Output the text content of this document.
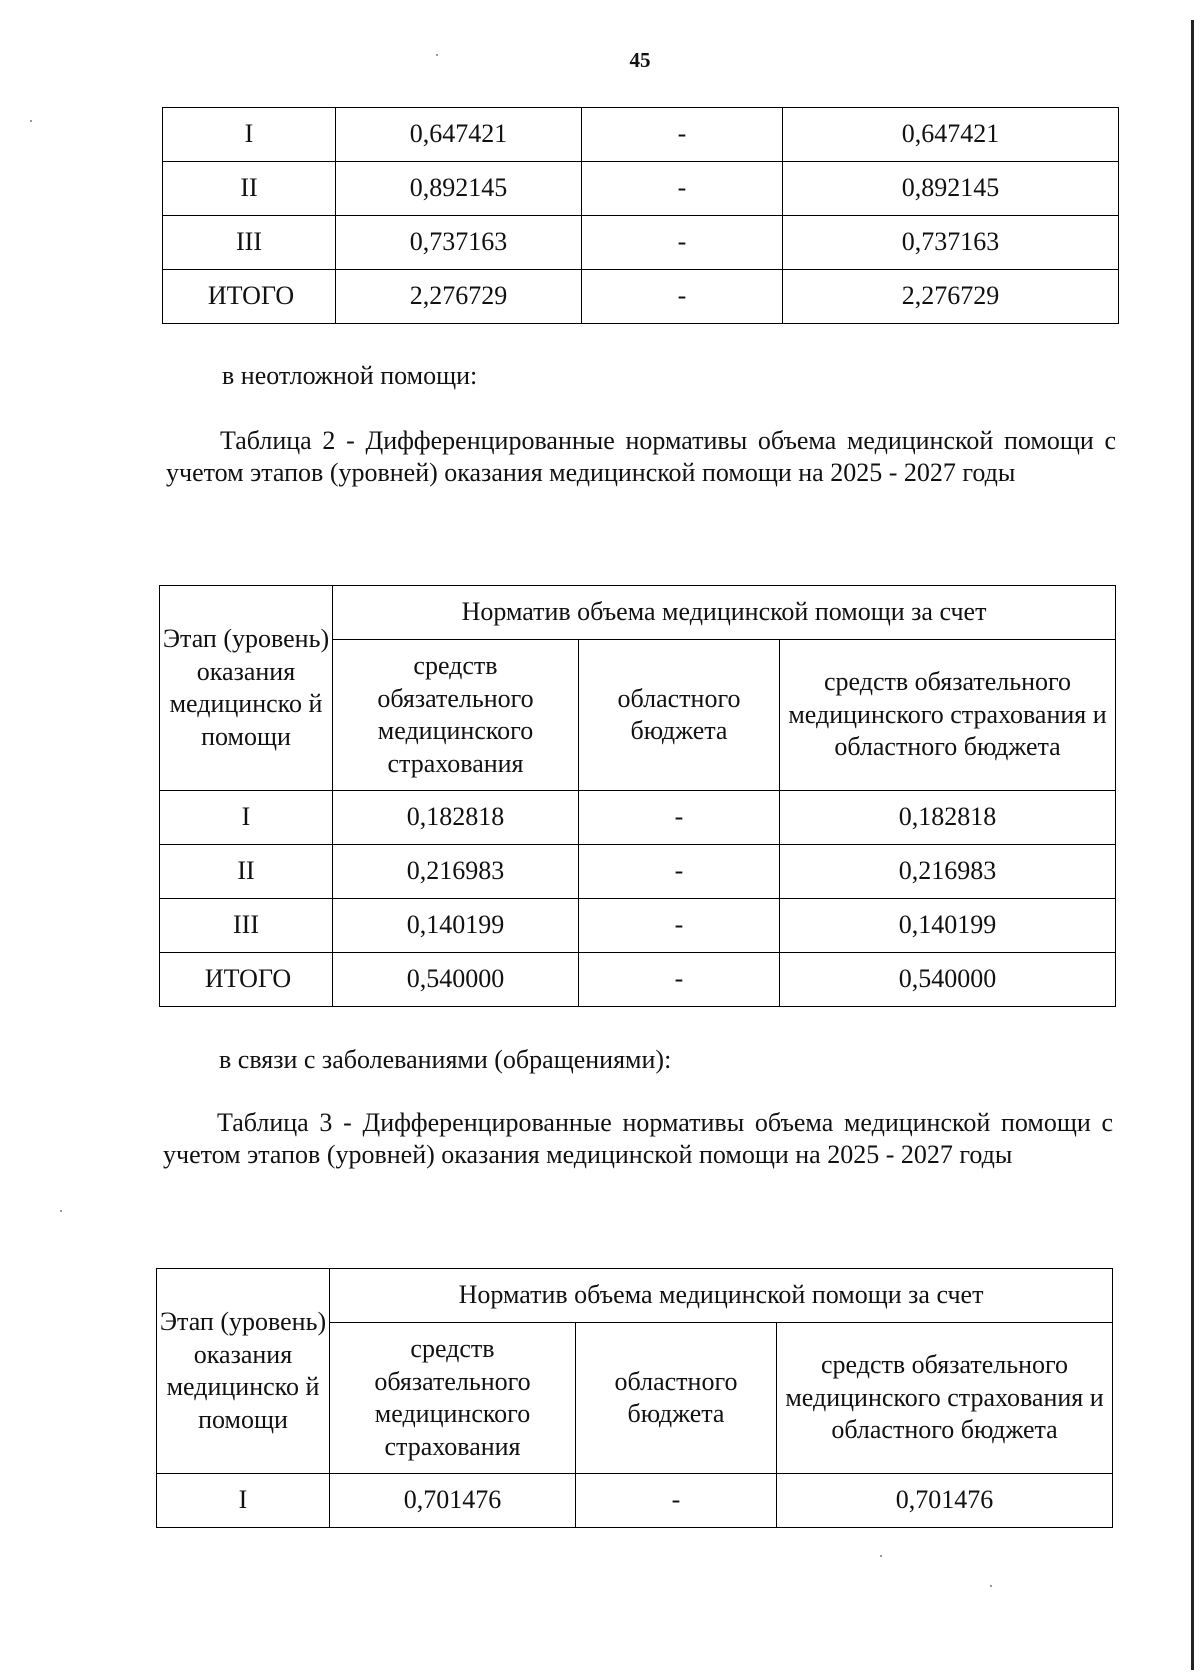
45
I	0,647421	-	0,647421
II	0,892145	-	0,892145
III	0,737163	-	0,737163
ИТОГО	2,276729	-	2,276729

в неотложной помощи:

Таблица 2 - Дифференцированные нормативы объема медицинской помощи с учетом этапов (уровней) оказания медицинской помощи на 2025 - 2027 годы

Этап (уровень) оказания медицинско й помощи	Норматив объема медицинской помощи за счет		
	средств обязательного медицинского страхования	областного бюджета	средств обязательного медицинского страхования и областного бюджета
I	0,182818	-	0,182818
II	0,216983	-	0,216983
III	0,140199	-	0,140199
ИТОГО	0,540000	-	0,540000

в связи с заболеваниями (обращениями):

Таблица 3 - Дифференцированные нормативы объема медицинской помощи с учетом этапов (уровней) оказания медицинской помощи на 2025 - 2027 годы

Этап (уровень) оказания медицинско й помощи	Норматив объема медицинской помощи за счет		
	средств обязательного медицинского страхования	областного бюджета	средств обязательного медицинского страхования и областного бюджета
I	0,701476	-	0,701476
